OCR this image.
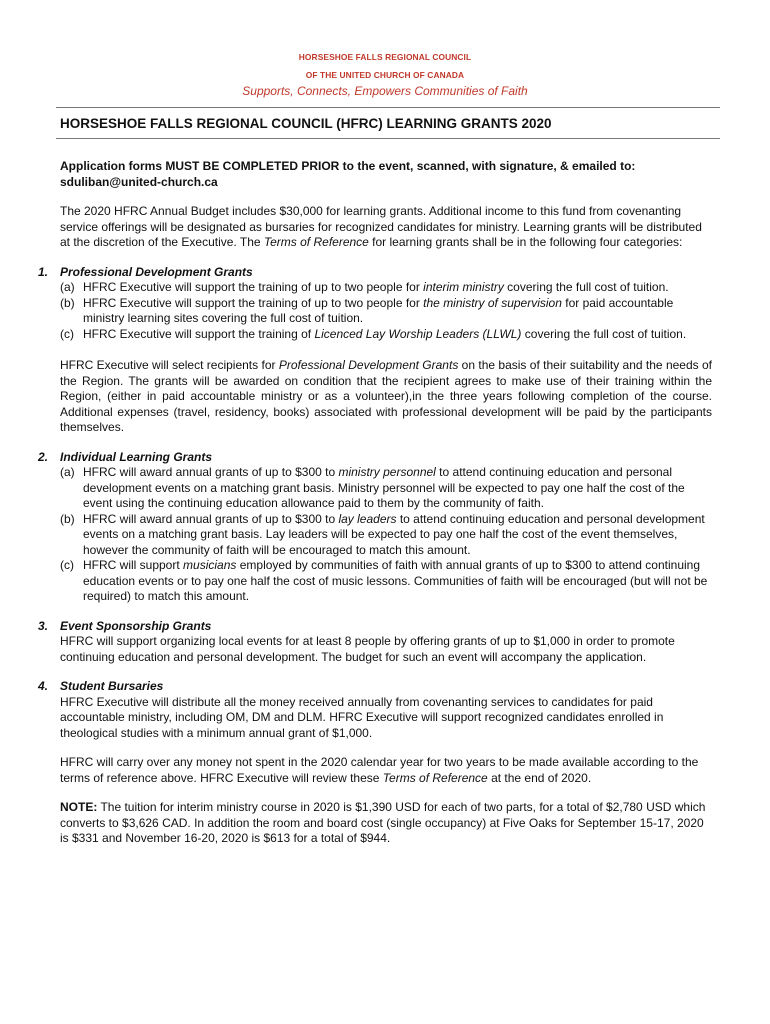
HORSESHOE FALLS REGIONAL COUNCIL
OF THE UNITED CHURCH OF CANADA
Supports, Connects, Empowers Communities of Faith
HORSESHOE FALLS REGIONAL COUNCIL (HFRC) LEARNING GRANTS 2020

Application forms MUST BE COMPLETED PRIOR to the event, scanned, with signature, & emailed to:
sduliban@united-church.ca

The 2020 HFRC Annual Budget includes $30,000 for learning grants. Additional income to this fund from covenanting service offerings will be designated as bursaries for recognized candidates for ministry. Learning grants will be distributed at the discretion of the Executive. The Terms of Reference for learning grants shall be in the following four categories:

1. Professional Development Grants

(a) HFRC Executive will support the training of up to two people for interim ministry covering the full cost of tuition.
(b) HFRC Executive will support the training of up to two people for the ministry of supervision for paid accountable ministry learning sites covering the full cost of tuition.
(c) HFRC Executive will support the training of Licenced Lay Worship Leaders (LLWL) covering the full cost of tuition.

HFRC Executive will select recipients for Professional Development Grants on the basis of their suitability and the needs of the Region. The grants will be awarded on condition that the recipient agrees to make use of their training within the Region, (either in paid accountable ministry or as a volunteer),in the three years following completion of the course. Additional expenses (travel, residency, books) associated with professional development will be paid by the participants themselves.

2. Individual Learning Grants

(a) HFRC will award annual grants of up to $300 to ministry personnel to attend continuing education and personal development events on a matching grant basis. Ministry personnel will be expected to pay one half the cost of the event using the continuing education allowance paid to them by the community of faith.
(b) HFRC will award annual grants of up to $300 to lay leaders to attend continuing education and personal development events on a matching grant basis. Lay leaders will be expected to pay one half the cost of the event themselves, however the community of faith will be encouraged to match this amount.
(c) HFRC will support musicians employed by communities of faith with annual grants of up to $300 to attend continuing education events or to pay one half the cost of music lessons. Communities of faith will be encouraged (but will not be required) to match this amount.

3. Event Sponsorship Grants

HFRC will support organizing local events for at least 8 people by offering grants of up to $1,000 in order to promote continuing education and personal development. The budget for such an event will accompany the application.

4. Student Bursaries

HFRC Executive will distribute all the money received annually from covenanting services to candidates for paid accountable ministry, including OM, DM and DLM. HFRC Executive will support recognized candidates enrolled in theological studies with a minimum annual grant of $1,000.

HFRC will carry over any money not spent in the 2020 calendar year for two years to be made available according to the terms of reference above. HFRC Executive will review these Terms of Reference at the end of 2020.

NOTE: The tuition for interim ministry course in 2020 is $1,390 USD for each of two parts, for a total of $2,780 USD which converts to $3,626 CAD. In addition the room and board cost (single occupancy) at Five Oaks for September 15-17, 2020 is $331 and November 16-20, 2020 is $613 for a total of $944.
